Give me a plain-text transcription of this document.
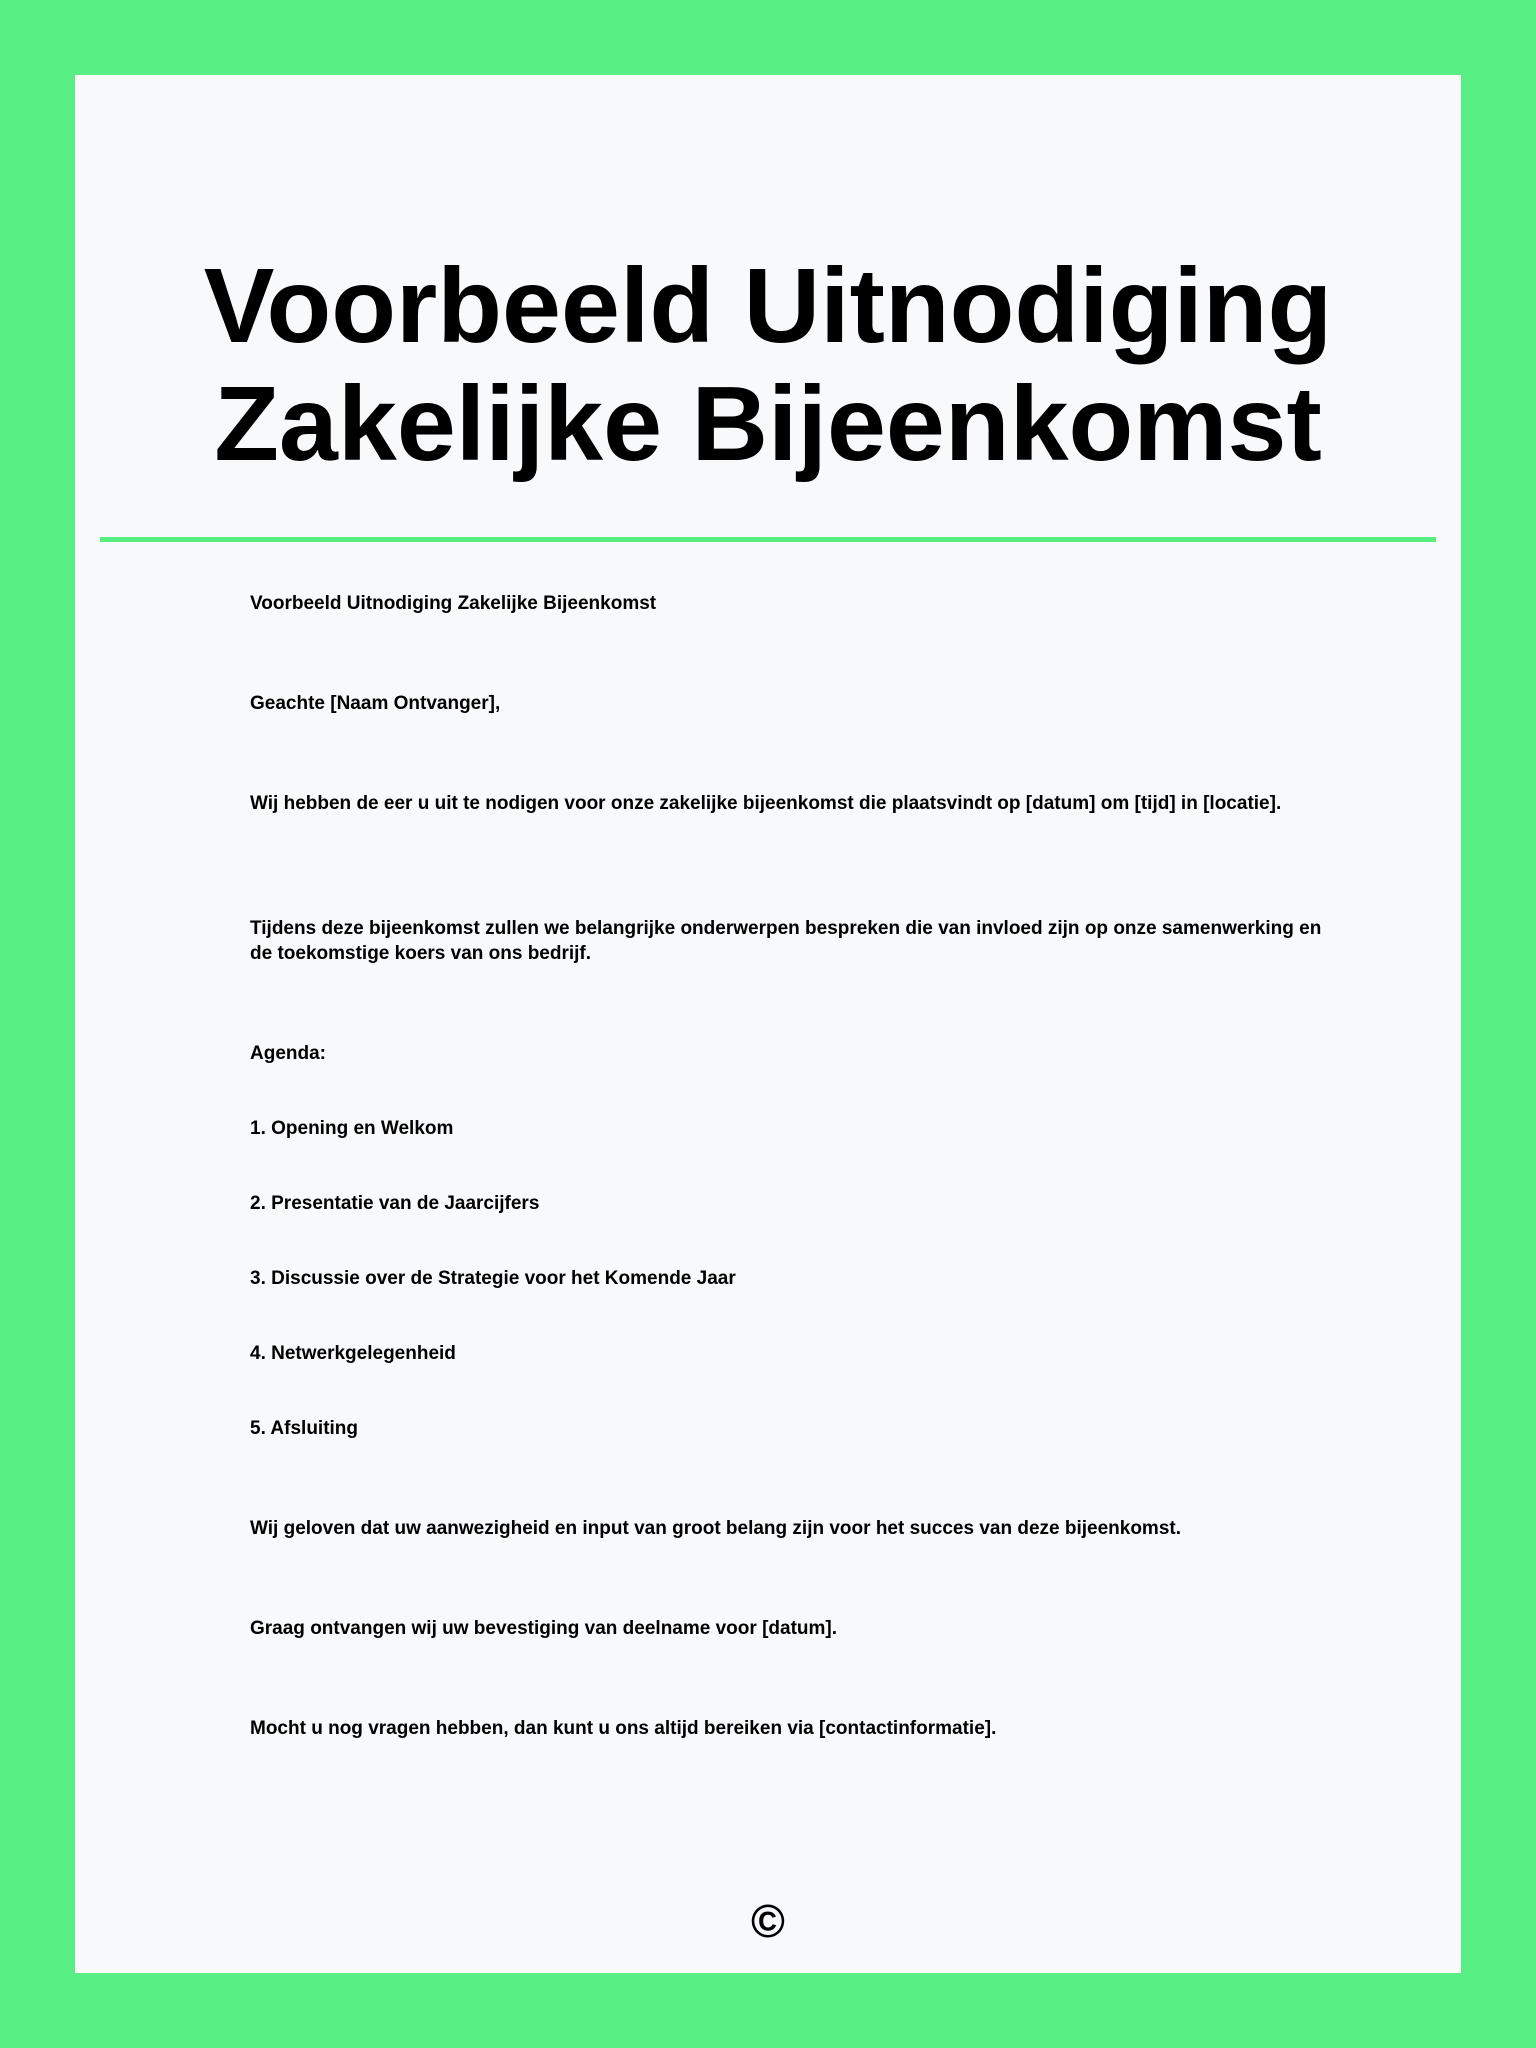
Voorbeeld Uitnodiging
Zakelijke Bijeenkomst

Voorbeeld Uitnodiging Zakelijke Bijeenkomst

Geachte [Naam Ontvanger],

Wij hebben de eer u uit te nodigen voor onze zakelijke bijeenkomst die plaatsvindt op [datum] om [tijd] in [locatie].

Tijdens deze bijeenkomst zullen we belangrijke onderwerpen bespreken die van invloed zijn op onze samenwerking en de toekomstige koers van ons bedrijf.

Agenda:

1. Opening en Welkom

2. Presentatie van de Jaarcijfers

3. Discussie over de Strategie voor het Komende Jaar

4. Netwerkgelegenheid

5. Afsluiting

Wij geloven dat uw aanwezigheid en input van groot belang zijn voor het succes van deze bijeenkomst.

Graag ontvangen wij uw bevestiging van deelname voor [datum].

Mocht u nog vragen hebben, dan kunt u ons altijd bereiken via [contactinformatie].

©
